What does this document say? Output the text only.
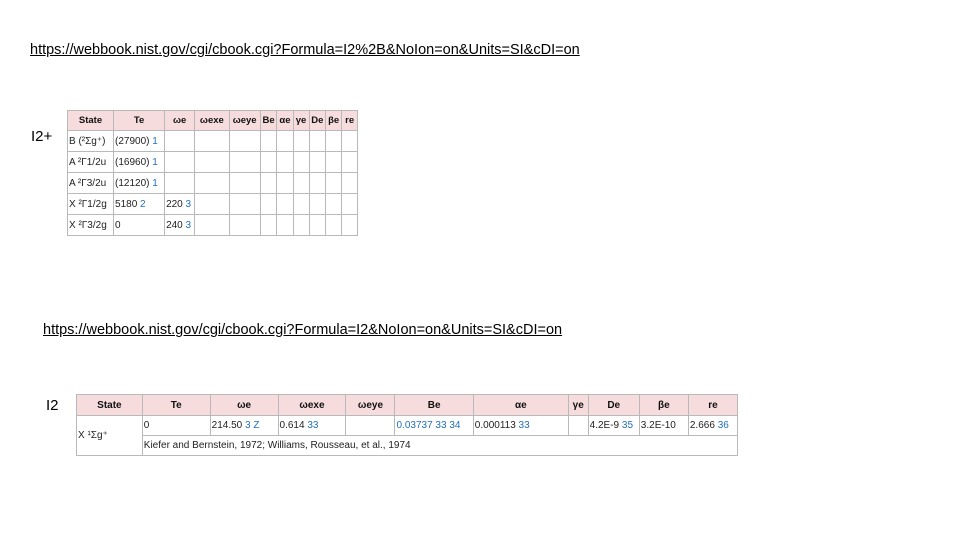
https://webbook.nist.gov/cgi/cbook.cgi?Formula=I2%2B&NoIon=on&Units=SI&cDI=on
I2+
State	Te	ωe	ωexe	ωeye	Be	αe	γe	De	βe	re
B (²Σg⁺)	(27900) 1									
A ²Γ1/2u	(16960) 1									
A ²Γ3/2u	(12120) 1									
X ²Γ1/2g	5180 2	220 3								
X ²Γ3/2g	0	240 3								
https://webbook.nist.gov/cgi/cbook.cgi?Formula=I2&NoIon=on&Units=SI&cDI=on
I2	State	Te	ωe	ωexe	ωeye	Be	αe	γe	De	βe	re
X ¹Σg⁺	0	214.50 3 Z	0.614 33		0.03737 33 34	0.000113 33		4.2E-9 35	3.2E-10	2.666 36
	Kiefer and Bernstein, 1972; Williams, Rousseau, et al., 1974									
